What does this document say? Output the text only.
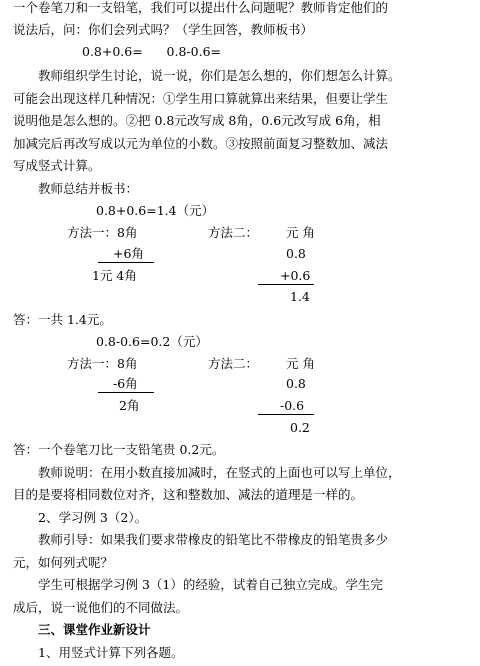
一个卷笔刀和一支铅笔，我们可以提出什么问题呢？教师肯定他们的
说法后，问：你们会列式吗？（学生回答，教师板书）
0.8+0.6=      0.8-0.6=
教师组织学生讨论，说一说，你们是怎么想的，你们想怎么计算。
可能会出现这样几种情况：①学生用口算就算出来结果，但要让学生
说明他是怎么想的。②把 0.8元改写成 8角，0.6元改写成 6角，相
加减完后再改写成以元为单位的小数。③按照前面复习整数加、减法
写成竖式计算。
教师总结并板书：
0.8+0.6=1.4（元）
方法一：8角
+6角
1元 4角
方法二： 元角
0.8
+0.6
1.4
答：一共 1.4元。
0.8-0.6=0.2（元）
方法一：8角
-6角
2角
方法二： 元角
0.8
-0.6
0.2
答：一个卷笔刀比一支铅笔贵 0.2元。
教师说明：在用小数直接加减时，在竖式的上面也可以写上单位，
目的是要将相同数位对齐，这和整数加、减法的道理是一样的。
2、学习例 3（2）。
教师引导：如果我们要求带橡皮的铅笔比不带橡皮的铅笔贵多少
元，如何列式呢？
学生可根据学习例 3（1）的经验，试着自己独立完成。学生完
成后，说一说他们的不同做法。
三、课堂作业新设计
1、用竖式计算下列各题。
